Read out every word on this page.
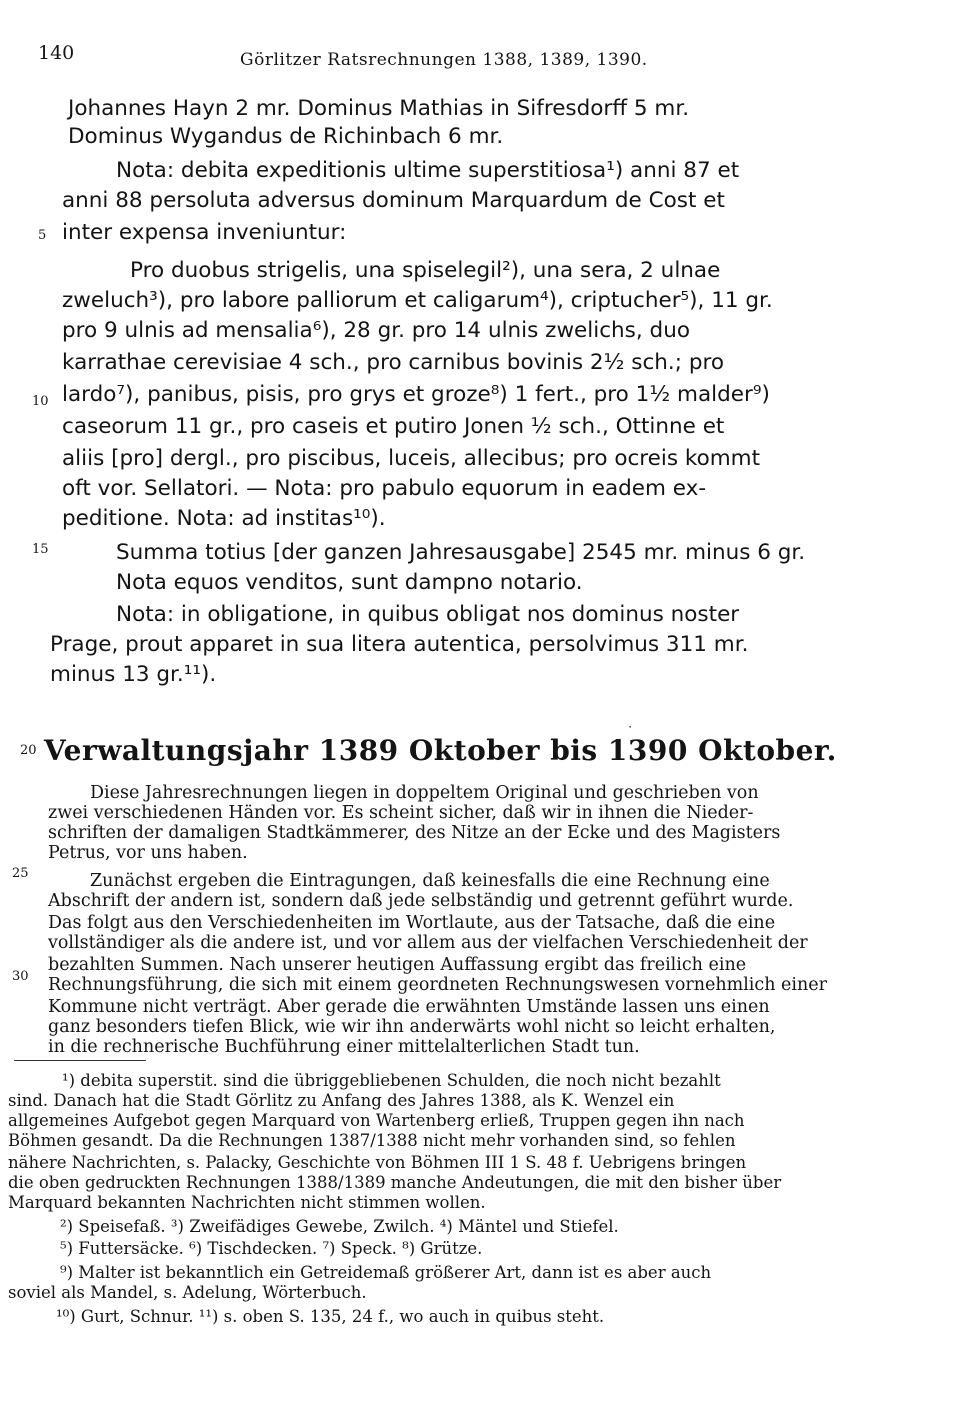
140	Görlitzer Ratsrechnungen 1388, 1389, 1390.
5
10
15
20
25
30

Johannes Hayn 2 mr. Dominus Mathias in Sifresdorff 5 mr.

Dominus Wygandus de Richinbach 6 mr.

Nota: debita expeditionis ultime superstitiosa¹) anni 87 et

anni 88 persoluta adversus dominum Marquardum de Cost et

inter expensa inveniuntur:

Pro duobus strigelis, una spiselegil²), una sera, 2 ulnae

zweluch³), pro labore palliorum et caligarum⁴), criptucher⁵), 11 gr.

pro 9 ulnis ad mensalia⁶), 28 gr. pro 14 ulnis zwelichs, duo

karrathae cerevisiae 4 sch., pro carnibus bovinis 2½ sch.; pro

lardo⁷), panibus, pisis, pro grys et groze⁸) 1 fert., pro 1½ malder⁹)

caseorum 11 gr., pro caseis et putiro Jonen ½ sch., Ottinne et

aliis [pro] dergl., pro piscibus, luceis, allecibus; pro ocreis kommt

oft vor. Sellatori. — Nota: pro pabulo equorum in eadem ex-

peditione. Nota: ad institas¹⁰).

Summa totius [der ganzen Jahresausgabe] 2545 mr. minus 6 gr.

Nota equos venditos, sunt dampno notario.

Nota: in obligatione, in quibus obligat nos dominus noster

Prage, prout apparet in sua litera autentica, persolvimus 311 mr.

minus 13 gr.¹¹).

⋅
Verwaltungsjahr 1389 Oktober bis 1390 Oktober.

Diese Jahresrechnungen liegen in doppeltem Original und geschrieben von

zwei verschiedenen Händen vor. Es scheint sicher, daß wir in ihnen die Nieder-

schriften der damaligen Stadtkämmerer, des Nitze an der Ecke und des Magisters

Petrus, vor uns haben.

Zunächst ergeben die Eintragungen, daß keinesfalls die eine Rechnung eine

Abschrift der andern ist, sondern daß jede selbständig und getrennt geführt wurde.

Das folgt aus den Verschiedenheiten im Wortlaute, aus der Tatsache, daß die eine

vollständiger als die andere ist, und vor allem aus der vielfachen Verschiedenheit der

bezahlten Summen. Nach unserer heutigen Auffassung ergibt das freilich eine

Rechnungsführung, die sich mit einem geordneten Rechnungswesen vornehmlich einer

Kommune nicht verträgt. Aber gerade die erwähnten Umstände lassen uns einen

ganz besonders tiefen Blick, wie wir ihn anderwärts wohl nicht so leicht erhalten,

in die rechnerische Buchführung einer mittelalterlichen Stadt tun.

¹) debita superstit. sind die übriggebliebenen Schulden, die noch nicht bezahlt

sind. Danach hat die Stadt Görlitz zu Anfang des Jahres 1388, als K. Wenzel ein

allgemeines Aufgebot gegen Marquard von Wartenberg erließ, Truppen gegen ihn nach

Böhmen gesandt. Da die Rechnungen 1387/1388 nicht mehr vorhanden sind, so fehlen

nähere Nachrichten, s. Palacky, Geschichte von Böhmen III 1 S. 48 f. Uebrigens bringen

die oben gedruckten Rechnungen 1388/1389 manche Andeutungen, die mit den bisher über

Marquard bekannten Nachrichten nicht stimmen wollen.

²) Speisefaß. ³) Zweifädiges Gewebe, Zwilch. ⁴) Mäntel und Stiefel.

⁵) Futtersäcke. ⁶) Tischdecken. ⁷) Speck. ⁸) Grütze.

⁹) Malter ist bekanntlich ein Getreidemaß größerer Art, dann ist es aber auch

soviel als Mandel, s. Adelung, Wörterbuch.

¹⁰) Gurt, Schnur. ¹¹) s. oben S. 135, 24 f., wo auch in quibus steht.
